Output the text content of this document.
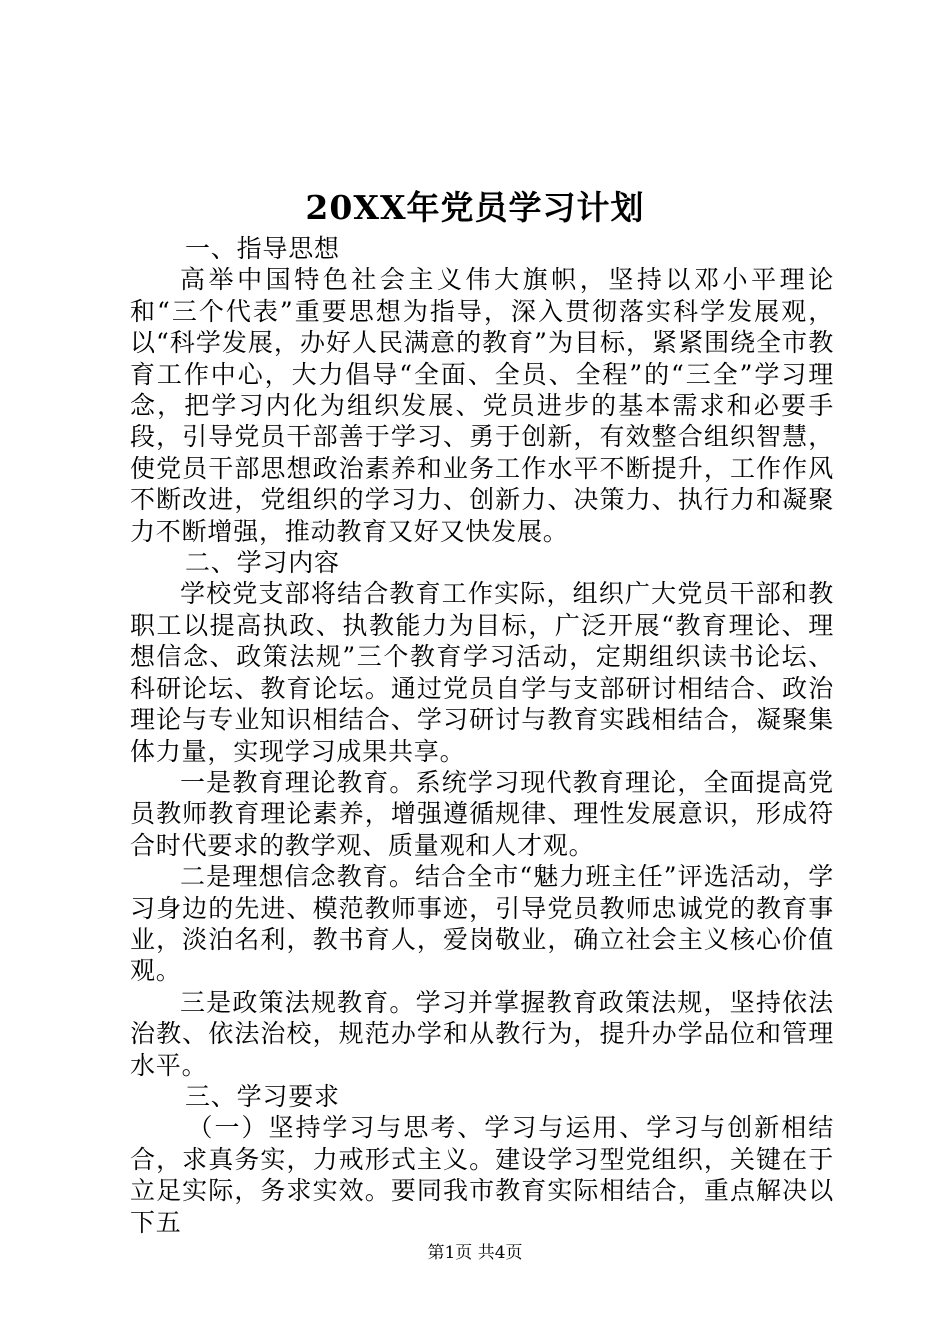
20XX年党员学习计划

一、指导思想

高举中国特色社会主义伟大旗帜，坚持以邓小平理论和“三个代表”重要思想为指导，深入贯彻落实科学发展观，以“科学发展，办好人民满意的教育”为目标，紧紧围绕全市教育工作中心，大力倡导“全面、全员、全程”的“三全”学习理念，把学习内化为组织发展、党员进步的基本需求和必要手段，引导党员干部善于学习、勇于创新，有效整合组织智慧，使党员干部思想政治素养和业务工作水平不断提升，工作作风不断改进，党组织的学习力、创新力、决策力、执行力和凝聚力不断增强，推动教育又好又快发展。

二、学习内容

学校党支部将结合教育工作实际，组织广大党员干部和教职工以提高执政、执教能力为目标，广泛开展“教育理论、理想信念、政策法规”三个教育学习活动，定期组织读书论坛、科研论坛、教育论坛。通过党员自学与支部研讨相结合、政治理论与专业知识相结合、学习研讨与教育实践相结合，凝聚集体力量，实现学习成果共享。

一是教育理论教育。系统学习现代教育理论，全面提高党员教师教育理论素养，增强遵循规律、理性发展意识，形成符合时代要求的教学观、质量观和人才观。

二是理想信念教育。结合全市“魅力班主任”评选活动，学习身边的先进、模范教师事迹，引导党员教师忠诚党的教育事业，淡泊名利，教书育人，爱岗敬业，确立社会主义核心价值观。

三是政策法规教育。学习并掌握教育政策法规，坚持依法治教、依法治校，规范办学和从教行为，提升办学品位和管理水平。

三、学习要求

（一）坚持学习与思考、学习与运用、学习与创新相结合，求真务实，力戒形式主义。建设学习型党组织，关键在于立足实际，务求实效。要同我市教育实际相结合，重点解决以下五

第1页 共4页
